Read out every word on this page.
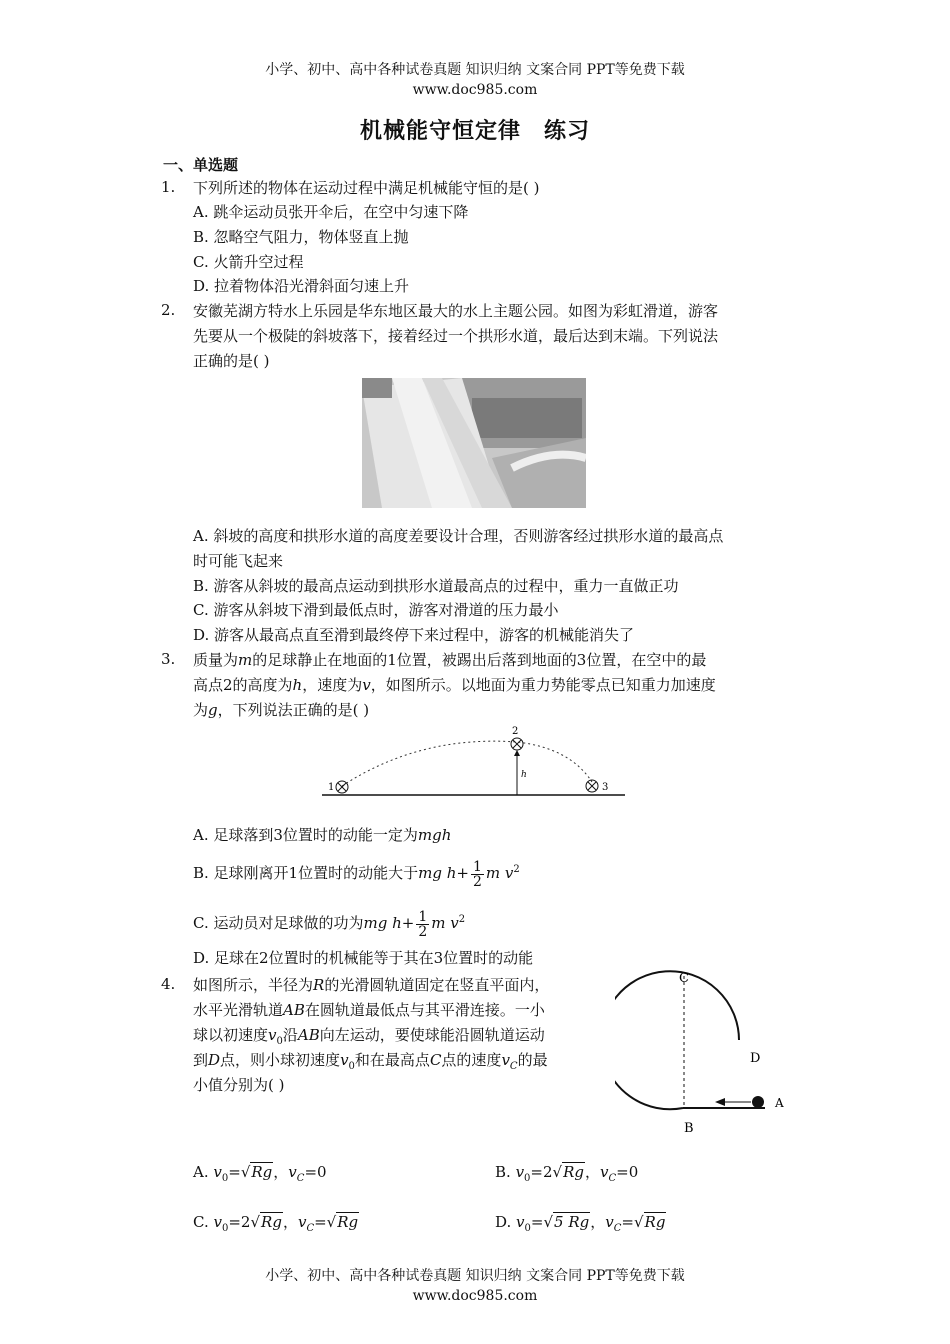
小学、初中、高中各种试卷真题 知识归纳 文案合同 PPT等免费下载
www.doc985.com
机械能守恒定律　练习
一、单选题
1. 下列所述的物体在运动过程中满足机械能守恒的是( )
A. 跳伞运动员张开伞后，在空中匀速下降
B. 忽略空气阻力，物体竖直上抛
C. 火箭升空过程
D. 拉着物体沿光滑斜面匀速上升
2. 安徽芜湖方特水上乐园是华东地区最大的水上主题公园。如图为彩虹滑道，游客
先要从一个极陡的斜坡落下，接着经过一个拱形水道，最后达到末端。下列说法
正确的是( )
A. 斜坡的高度和拱形水道的高度差要设计合理，否则游客经过拱形水道的最高点
时可能飞起来
B. 游客从斜坡的最高点运动到拱形水道最高点的过程中，重力一直做正功
C. 游客从斜坡下滑到最低点时，游客对滑道的压力最小
D. 游客从最高点直至滑到最终停下来过程中，游客的机械能消失了
3. 质量为m的足球静止在地面的1位置，被踢出后落到地面的3位置，在空中的最
高点2的高度为h，速度为v，如图所示。以地面为重力势能零点已知重力加速度
为g，下列说法正确的是( )
1
2
3
h
A. 足球落到3位置时的动能一定为mgh
B. 足球刚离开1位置时的动能大于mg $h+ \frac{1}{2}$ m $v^2$
C. 运动员对足球做的功为mg $h+ \frac{1}{2}$ m $v^2$
D. 足球在2位置时的机械能等于其在3位置时的动能
4. 如图所示，半径为R的光滑圆轨道固定在竖直平面内，
水平光滑轨道AB在圆轨道最低点与其平滑连接。一小
球以初速度$v_0$沿AB向左运动，要使球能沿圆轨道运动
到D点，则小球初速度$v_0$和在最高点C点的速度$v_C$的最
小值分别为( )
C
D
A
B
A. $v_0=√Rg$，$v_C=0$	B. $v_0=2√Rg$，$v_C=0$
C. $v_0=2√Rg$，$v_C=√Rg$	D. $v_0=√5$ Rg，$v_C=√Rg$
小学、初中、高中各种试卷真题 知识归纳 文案合同 PPT等免费下载
www.doc985.com
